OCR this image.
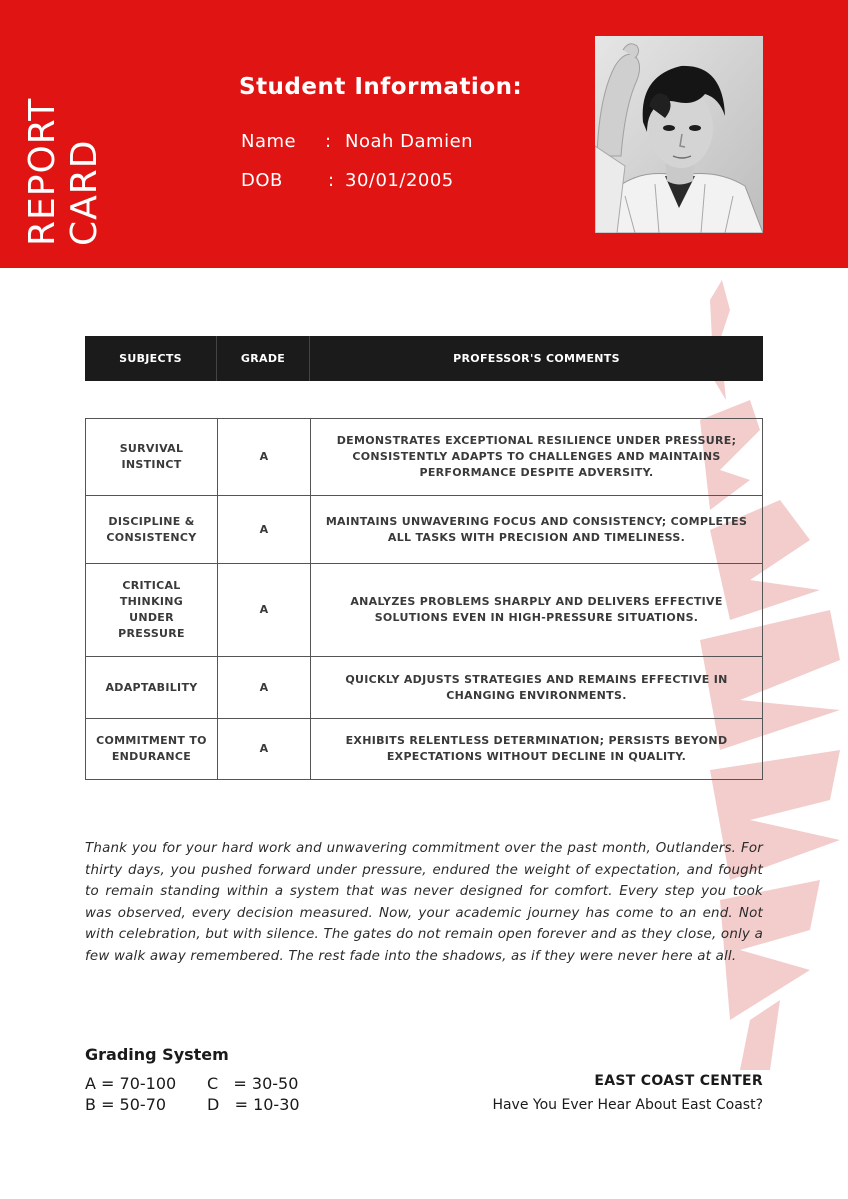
REPORT CARD
Student Information:
Name : Noah Damien
DOB	: 30/01/2005
SUBJECTS	GRADE	PROFESSOR'S COMMENTS
SURVIVAL INSTINCT	A	DEMONSTRATES EXCEPTIONAL RESILIENCE UNDER PRESSURE; CONSISTENTLY ADAPTS TO CHALLENGES AND MAINTAINS PERFORMANCE DESPITE ADVERSITY.
DISCIPLINE & CONSISTENCY	A	MAINTAINS UNWAVERING FOCUS AND CONSISTENCY; COMPLETES ALL TASKS WITH PRECISION AND TIMELINESS.
CRITICAL THINKING UNDER PRESSURE	A	ANALYZES PROBLEMS SHARPLY AND DELIVERS EFFECTIVE SOLUTIONS EVEN IN HIGH-PRESSURE SITUATIONS.
ADAPTABILITY	A	QUICKLY ADJUSTS STRATEGIES AND REMAINS EFFECTIVE IN CHANGING ENVIRONMENTS.
COMMITMENT TO ENDURANCE	A	EXHIBITS RELENTLESS DETERMINATION; PERSISTS BEYOND EXPECTATIONS WITHOUT DECLINE IN QUALITY.

Thank you for your hard work and unwavering commitment over the past month, Outlanders. For thirty days, you pushed forward under pressure, endured the weight of expectation, and fought to remain standing within a system that was never designed for comfort. Every step you took was observed, every decision measured. Now, your academic journey has come to an end. Not with celebration, but with silence. The gates do not remain open forever and as they close, only a few walk away remembered. The rest fade into the shadows, as if they were never here at all.

Grading System
A = 70-100
B = 50-70
C   = 30-50
D   = 10-30
EAST COAST CENTER
Have You Ever Hear About East Coast?
